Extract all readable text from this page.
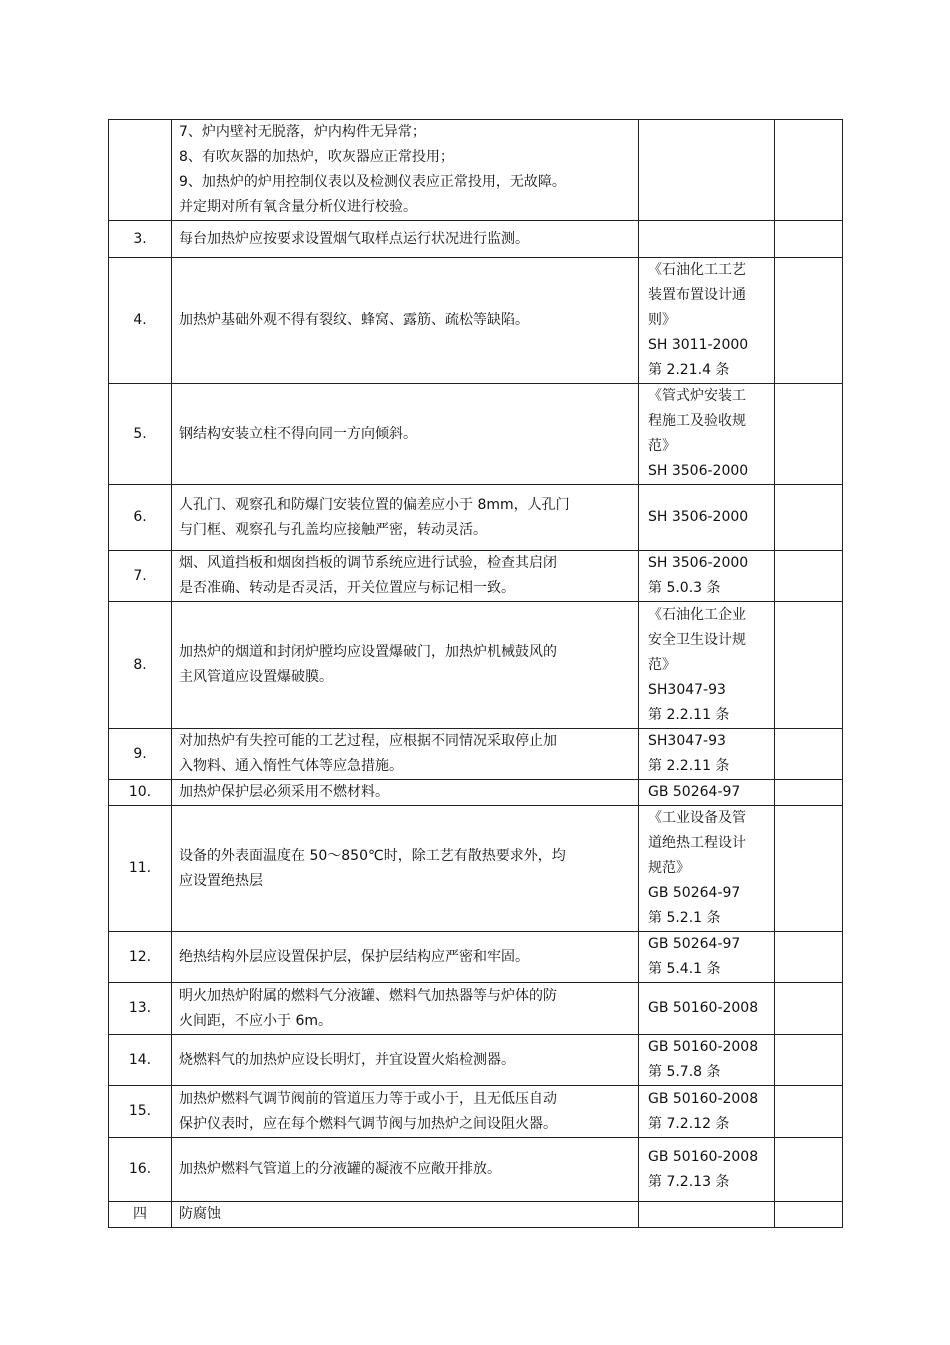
	7、炉内壁衬无脱落，炉内构件无异常；
8、有吹灰器的加热炉，吹灰器应正常投用；
9、加热炉的炉用控制仪表以及检测仪表应正常投用，无故障。
并定期对所有氧含量分析仪进行校验。		

3.	每台加热炉应按要求设置烟气取样点运行状况进行监测。		

4.	加热炉基础外观不得有裂纹、蜂窝、露筋、疏松等缺陷。	《石油化工工艺
装置布置设计通
则》
SH 3011-2000
第 2.21.4 条	

5.	钢结构安装立柱不得向同一方向倾斜。	《管式炉安装工
程施工及验收规
范》
SH 3506-2000	

6.	人孔门、观察孔和防爆门安装位置的偏差应小于 8mm，人孔门
与门框、观察孔与孔盖均应接触严密，转动灵活。	SH 3506-2000	

7.	烟、风道挡板和烟囱挡板的调节系统应进行试验，检查其启闭
是否准确、转动是否灵活，开关位置应与标记相一致。	SH 3506-2000
第 5.0.3 条	

8.	加热炉的烟道和封闭炉膛均应设置爆破门，加热炉机械鼓风的
主风管道应设置爆破膜。	《石油化工企业
安全卫生设计规
范》
SH3047-93
第 2.2.11 条	

9.	对加热炉有失控可能的工艺过程，应根据不同情况采取停止加
入物料、通入惰性气体等应急措施。	SH3047-93
第 2.2.11 条	

10.	加热炉保护层必须采用不燃材料。	GB 50264-97	

11.	设备的外表面温度在 50～850℃时，除工艺有散热要求外，均
应设置绝热层	《工业设备及管
道绝热工程设计
规范》
GB 50264-97
第 5.2.1 条	

12.	绝热结构外层应设置保护层，保护层结构应严密和牢固。	GB 50264-97
第 5.4.1 条	

13.	明火加热炉附属的燃料气分液罐、燃料气加热器等与炉体的防
火间距，不应小于 6m。	GB 50160-2008	

14.	烧燃料气的加热炉应设长明灯，并宜设置火焰检测器。	GB 50160-2008
第 5.7.8 条	

15.	加热炉燃料气调节阀前的管道压力等于或小于，且无低压自动
保护仪表时，应在每个燃料气调节阀与加热炉之间设阻火器。	GB 50160-2008
第 7.2.12 条	

16.	加热炉燃料气管道上的分液罐的凝液不应敞开排放。	GB 50160-2008
第 7.2.13 条	

四	防腐蚀		
